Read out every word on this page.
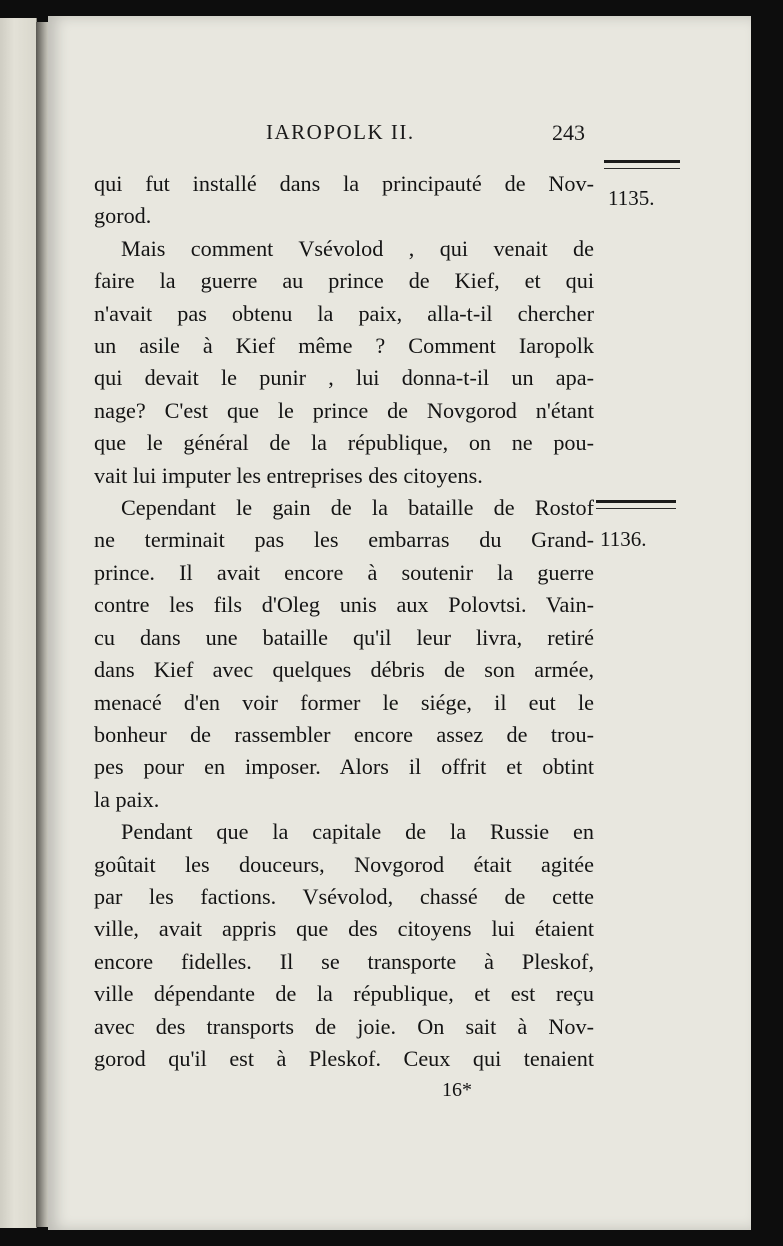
IAROPOLK II.	243
1135.
1136.
qui fut installé dans la principauté de Nov-
gorod.
Mais comment Vsévolod , qui venait de
faire la guerre au prince de Kief, et qui
n'avait pas obtenu la paix, alla-t-il chercher
un asile à Kief même ? Comment Iaropolk
qui devait le punir , lui donna-t-il un apa-
nage? C'est que le prince de Novgorod n'étant
que le général de la république, on ne pou-
vait lui imputer les entreprises des citoyens.
Cependant le gain de la bataille de Rostof
ne terminait pas les embarras du Grand-
prince. Il avait encore à soutenir la guerre
contre les fils d'Oleg unis aux Polovtsi. Vain-
cu dans une bataille qu'il leur livra, retiré
dans Kief avec quelques débris de son armée,
menacé d'en voir former le siége, il eut le
bonheur de rassembler encore assez de trou-
pes pour en imposer. Alors il offrit et obtint
la paix.
Pendant que la capitale de la Russie en
goûtait les douceurs, Novgorod était agitée
par les factions. Vsévolod, chassé de cette
ville, avait appris que des citoyens lui étaient
encore fidelles. Il se transporte à Pleskof,
ville dépendante de la république, et est reçu
avec des transports de joie. On sait à Nov-
gorod qu'il est à Pleskof. Ceux qui tenaient
16*
